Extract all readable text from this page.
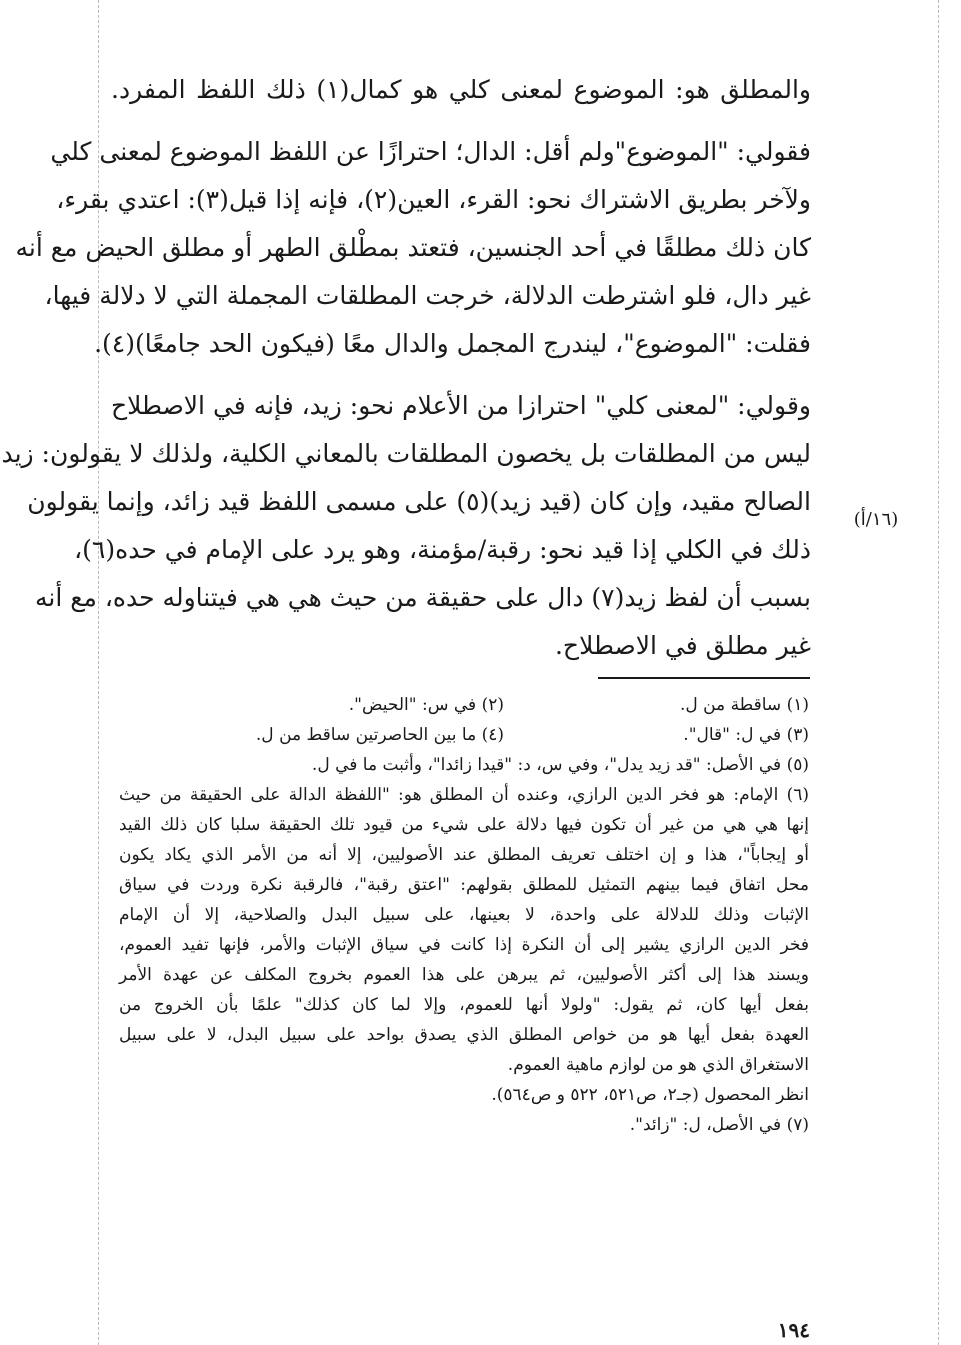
والمطلق هو: الموضوع لمعنى كلي هو كمال(١) ذلك اللفظ المفرد.
فقولي: "الموضوع"ولم أقل: الدال؛ احترازًا عن اللفظ الموضوع لمعنى كلي
ولآخر بطريق الاشتراك نحو: القرء، العين(٢)، فإنه إذا قيل(٣): اعتدي بقرء،
كان ذلك مطلقًا في أحد الجنسين، فتعتد بمطْلق الطهر أو مطلق الحيض مع أنه
غير دال، فلو اشترطت الدلالة، خرجت المطلقات المجملة التي لا دلالة فيها،
فقلت: "الموضوع"، ليندرج المجمل والدال معًا (فيكون الحد جامعًا)(٤).
وقولي: "لمعنى كلي" احترازا من الأعلام نحو: زيد، فإنه في الاصطلاح
ليس من المطلقات بل يخصون المطلقات بالمعاني الكلية، ولذلك لا يقولون: زيد
الصالح مقيد، وإن كان (قيد زيد)(٥) على مسمى اللفظ قيد زائد، وإنما يقولون
ذلك في الكلي إذا قيد نحو: رقبة/مؤمنة، وهو يرد على الإمام في حده(٦)،
بسبب أن لفظ زيد(٧) دال على حقيقة من حيث هي هي فيتناوله حده، مع أنه
غير مطلق في الاصطلاح.
(١٦/أ)
(١) ساقطة من ل.
(٢) في س: "الحيض".
(٣) في ل: "قال".
(٤) ما بين الحاصرتين ساقط من ل.
(٥) في الأصل: "قد زيد يدل"، وفي س، د: "قيدا زائدا"، وأثبت ما في ل.
(٦) الإمام: هو فخر الدين الرازي، وعنده أن المطلق هو: "اللفظة الدالة على الحقيقة من حيث
إنها هي هي من غير أن تكون فيها دلالة على شيء من قيود تلك الحقيقة سلبا كان ذلك القيد
أو إيجاباً"، هذا و إن اختلف تعريف المطلق عند الأصوليين، إلا أنه من الأمر الذي يكاد يكون
محل اتفاق فيما بينهم التمثيل للمطلق بقولهم: "اعتق رقبة"، فالرقبة نكرة وردت في سياق
الإثبات وذلك للدلالة على واحدة، لا بعينها، على سبيل البدل والصلاحية، إلا أن الإمام
فخر الدين الرازي يشير إلى أن النكرة إذا كانت في سياق الإثبات والأمر، فإنها تفيد العموم،
ويسند هذا إلى أكثر الأصوليين، ثم يبرهن على هذا العموم بخروج المكلف عن عهدة الأمر
بفعل أيها كان، ثم يقول: "ولولا أنها للعموم، وإلا لما كان كذلك" علمًا بأن الخروج من
العهدة بفعل أيها هو من خواص المطلق الذي يصدق بواحد على سبيل البدل، لا على سبيل
الاستغراق الذي هو من لوازم ماهية العموم.
انظر المحصول (جـ٢، ص٥٢١، ٥٢٢ و ص٥٦٤).
(٧) في الأصل، ل: "زائد".
١٩٤
